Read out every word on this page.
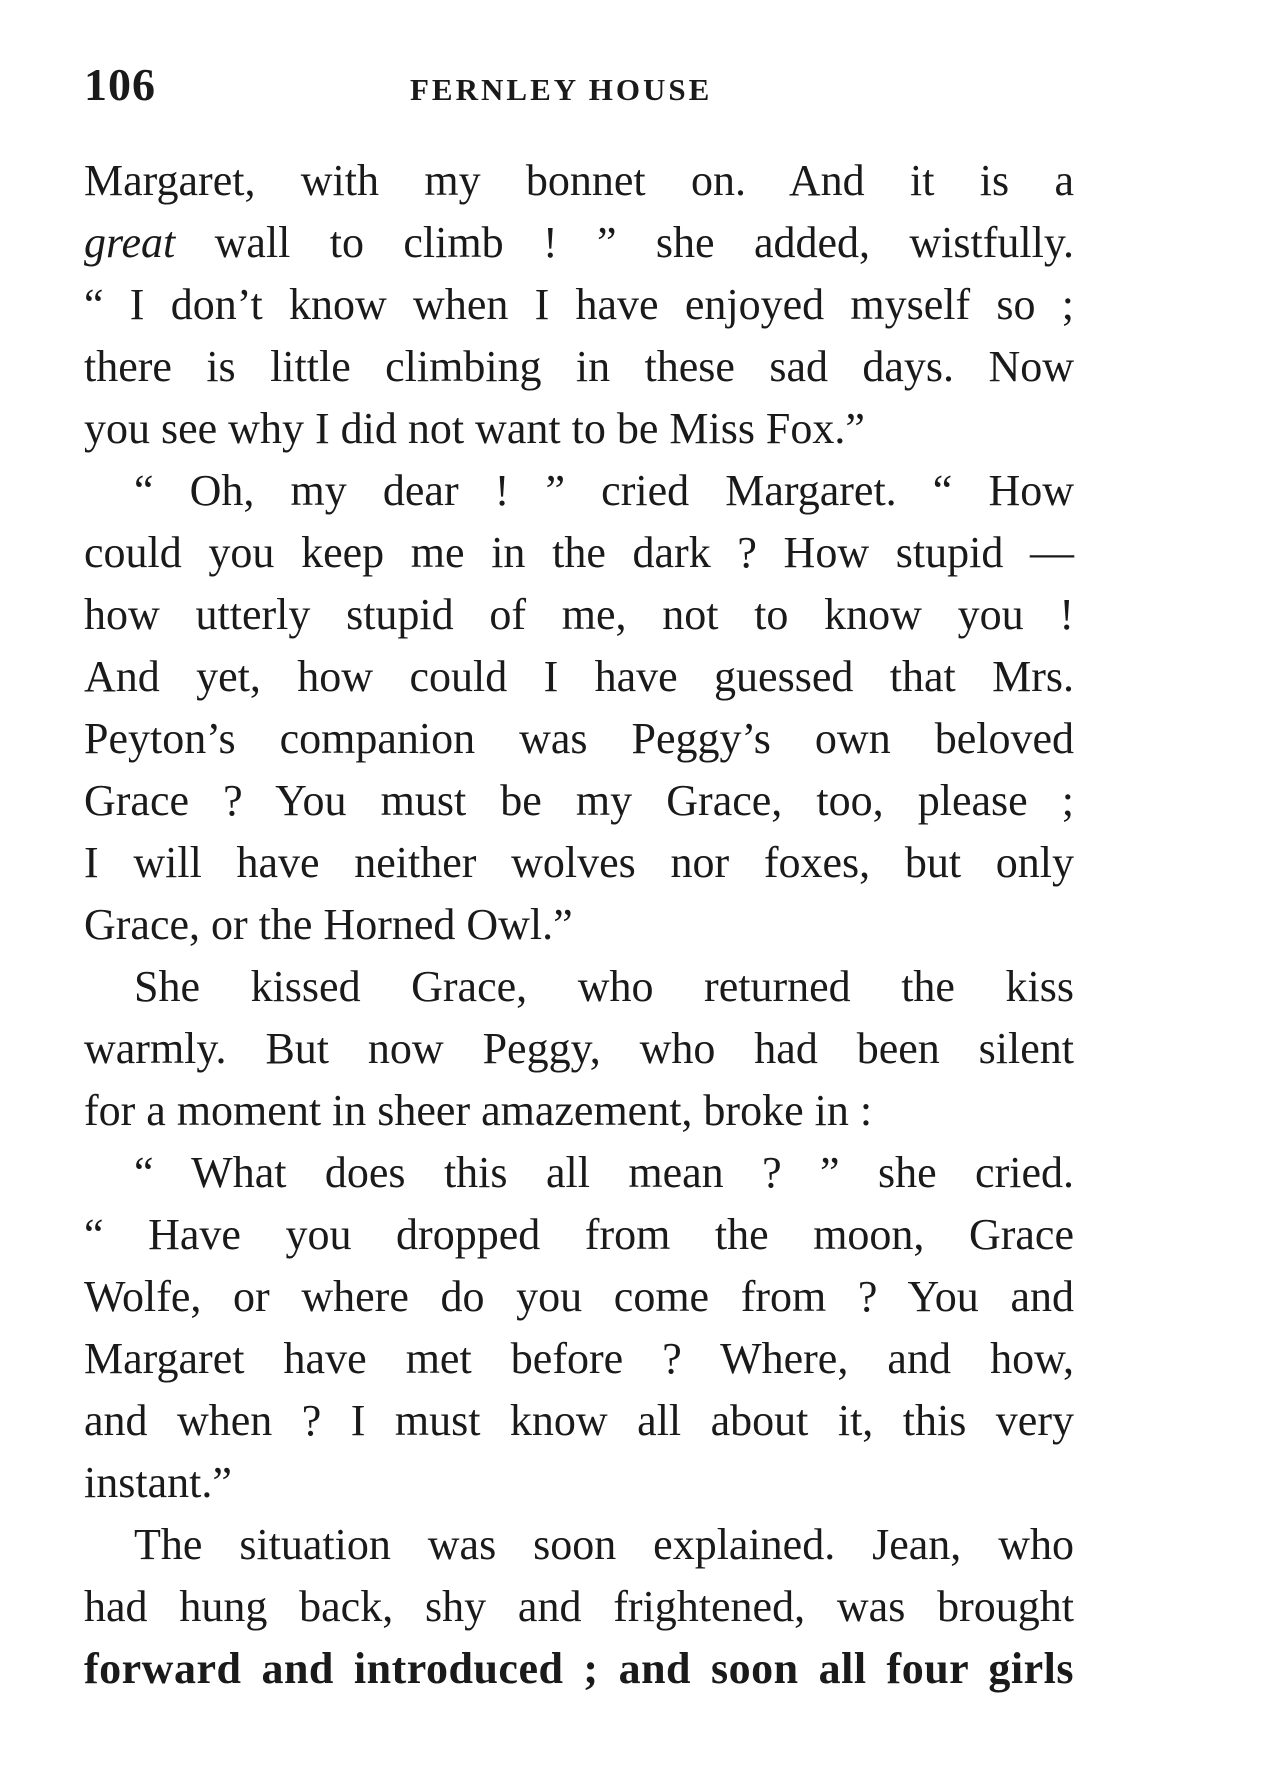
106	FERNLEY HOUSE
Margaret, with my bonnet on. And it is a
great wall to climb ! ” she added, wistfully.
“ I don’t know when I have enjoyed myself so ;
there is little climbing in these sad days. Now
you see why I did not want to be Miss Fox.”
“ Oh, my dear ! ” cried Margaret. “ How
could you keep me in the dark ? How stupid —
how utterly stupid of me, not to know you !
And yet, how could I have guessed that Mrs.
Peyton’s companion was Peggy’s own beloved
Grace ? You must be my Grace, too, please ;
I will have neither wolves nor foxes, but only
Grace, or the Horned Owl.”
She kissed Grace, who returned the kiss
warmly. But now Peggy, who had been silent
for a moment in sheer amazement, broke in :
“ What does this all mean ? ” she cried.
“ Have you dropped from the moon, Grace
Wolfe, or where do you come from ? You and
Margaret have met before ? Where, and how,
and when ? I must know all about it, this very
instant.”
The situation was soon explained. Jean, who
had hung back, shy and frightened, was brought
forward and introduced ; and soon all four girls
